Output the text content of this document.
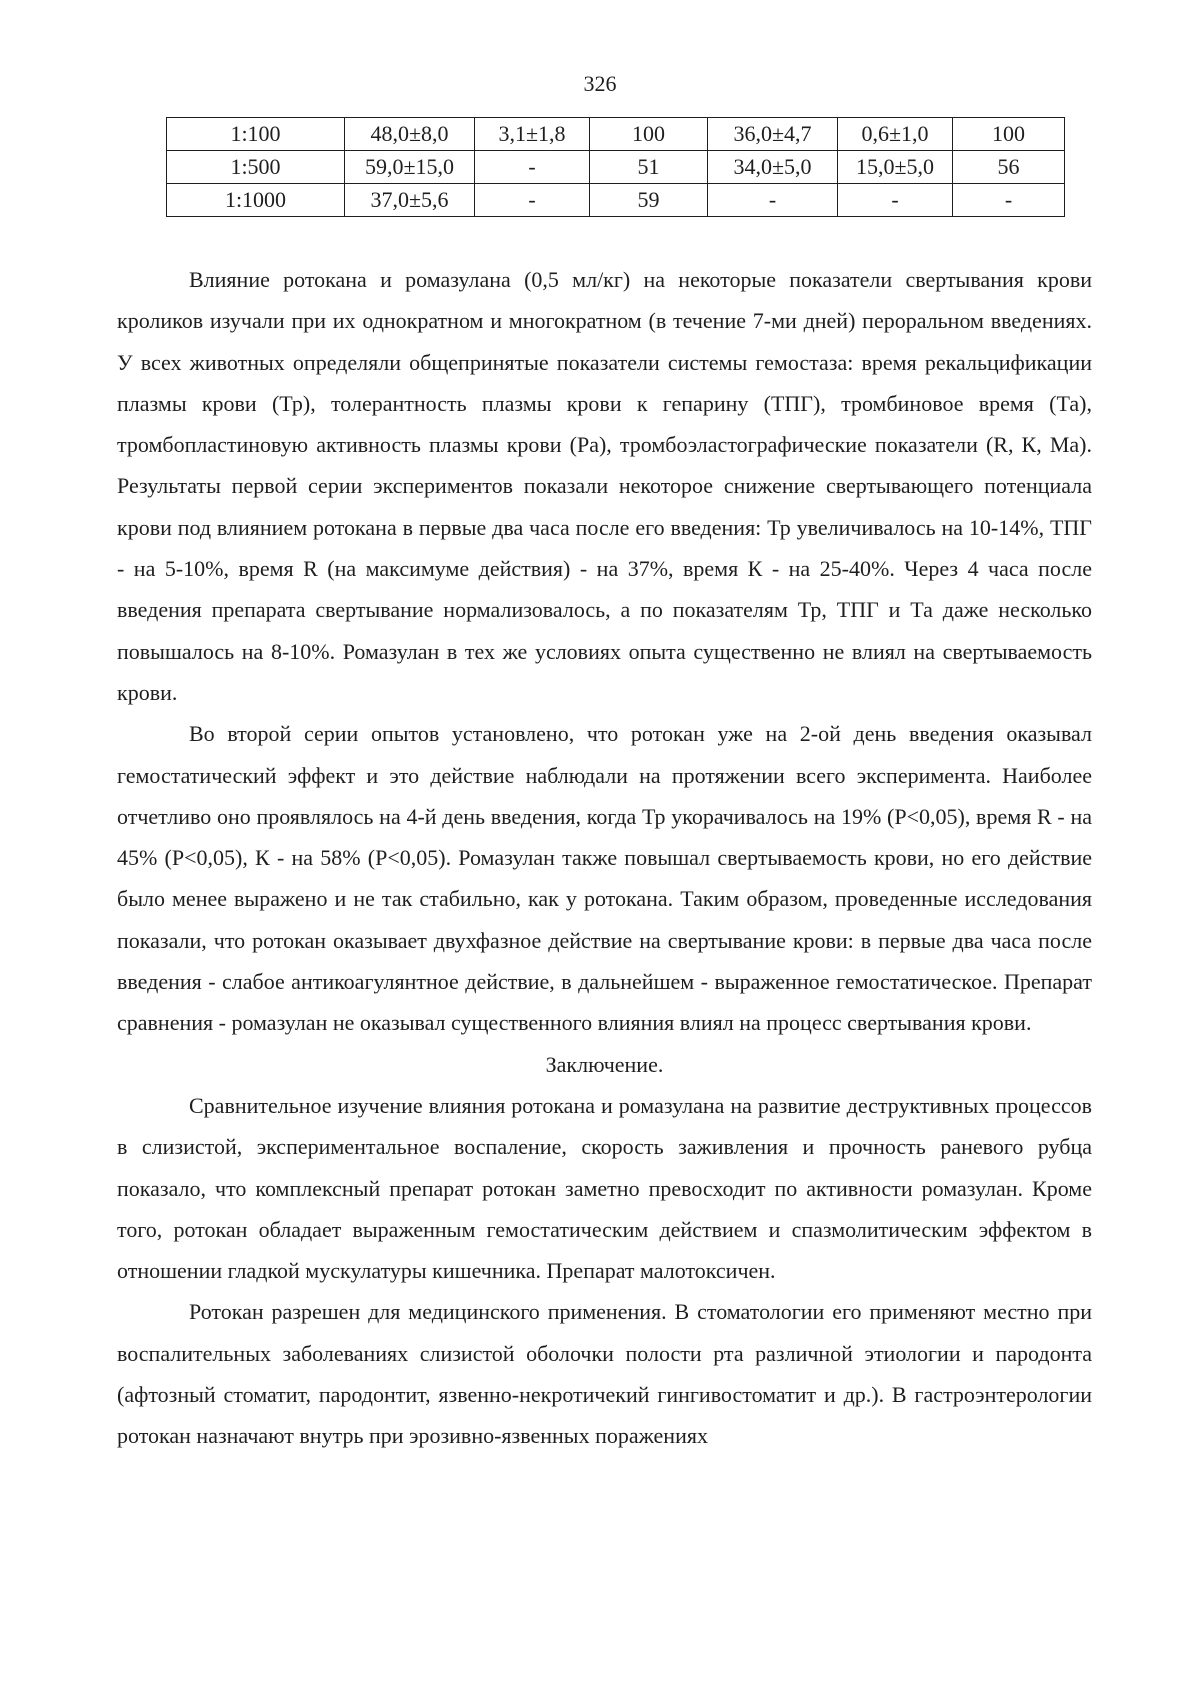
326
1:100	48,0±8,0	3,1±1,8	100	36,0±4,7	0,6±1,0	100
1:500	59,0±15,0	-	51	34,0±5,0	15,0±5,0	56
1:1000	37,0±5,6	-	59	-	-	-

Влияние ротокана и ромазулана (0,5 мл/кг) на некоторые показатели свертывания крови кроликов изучали при их однократном и многократном (в течение 7-ми дней) пероральном введениях. У всех животных определяли общепринятые показатели системы гемостаза: время рекальцификации плазмы крови (Тр), толерантность плазмы крови к гепарину (ТПГ), тромбиновое время (Та), тромбопластиновую активность плазмы крови (Ра), тромбоэластографические показатели (R, К, Ма). Результаты первой серии экспериментов показали некоторое снижение свертывающего потенциала крови под влиянием ротокана в первые два часа после его введения: Тр увеличивалось на 10-14%, ТПГ - на 5-10%, время R (на максимуме действия) - на 37%, время К - на 25-40%. Через 4 часа после введения препарата свертывание нормализовалось, а по показателям Тр, ТПГ и Та даже несколько повышалось на 8-10%. Ромазулан в тех же условиях опыта существенно не влиял на свертываемость крови.

Во второй серии опытов установлено, что ротокан уже на 2-ой день введения оказывал гемостатический эффект и это действие наблюдали на протяжении всего эксперимента. Наиболее отчетливо оно проявлялось на 4-й день введения, когда Тр укорачивалось на 19% (P<0,05), время R - на 45% (P<0,05), К - на 58% (P<0,05). Ромазулан также повышал свертываемость крови, но его действие было менее выражено и не так стабильно, как у ротокана. Таким образом, проведенные исследования показали, что ротокан оказывает двухфазное действие на свертывание крови: в первые два часа после введения - слабое антикоагулянтное действие, в дальнейшем - выраженное гемостатическое. Препарат сравнения - ромазулан не оказывал существенного влияния влиял на процесс свертывания крови.

Заключение.

Сравнительное изучение влияния ротокана и ромазулана на развитие деструктивных процессов в слизистой, экспериментальное воспаление, скорость заживления и прочность раневого рубца показало, что комплексный препарат ротокан заметно превосходит по активности ромазулан. Кроме того, ротокан обладает выраженным гемостатическим действием и спазмолитическим эффектом в отношении гладкой мускулатуры кишечника. Препарат малотоксичен.

Ротокан разрешен для медицинского применения. В стоматологии его применяют местно при воспалительных заболеваниях слизистой оболочки полости рта различной этиологии и пародонта (афтозный стоматит, пародонтит, язвенно-некротичекий гингивостоматит и др.). В гастроэнтерологии ротокан назначают внутрь при эрозивно-язвенных поражениях
